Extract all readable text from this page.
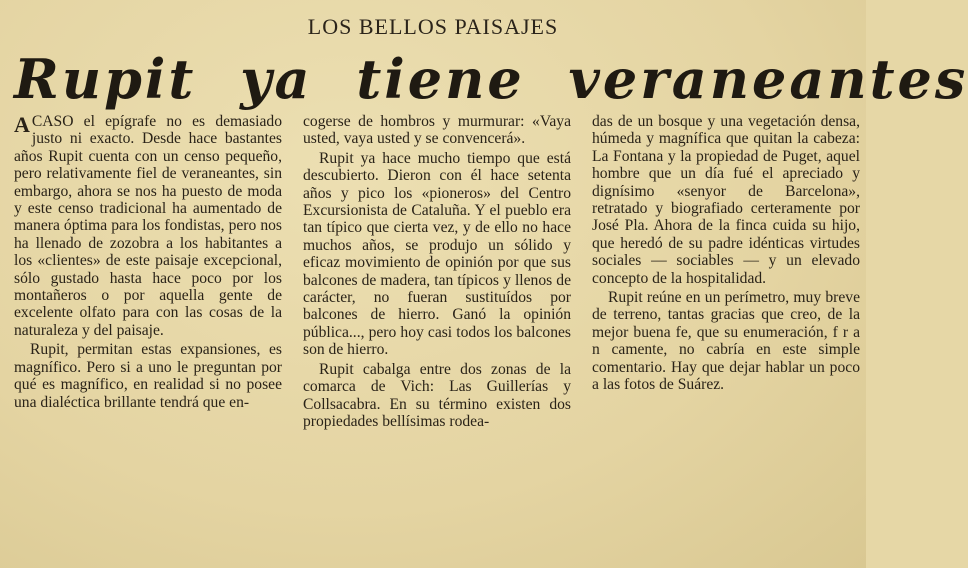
LOS BELLOS PAISAJES
Rupit ya tiene veraneantes

A CASO el epígrafe no es demasiado justo ni exacto. Desde hace bastantes años Rupit cuenta con un censo pequeño, pero relativamente fiel de veraneantes, sin embargo, ahora se nos ha puesto de moda y este censo tradicional ha aumentado de manera óptima para los fondistas, pero nos ha llenado de zozobra a los habitantes a los «clientes» de este paisaje excepcional, sólo gustado hasta hace poco por los montañeros o por aquella gente de excelente olfato para con las cosas de la naturaleza y del paisaje.

Rupit, permitan estas expansiones, es magnífico. Pero si a uno le preguntan por qué es magnífico, en realidad si no posee una dialéctica brillante tendrá que en-

cogerse de hombros y murmurar: «Vaya usted, vaya usted y se convencerá».

Rupit ya hace mucho tiempo que está descubierto. Dieron con él hace setenta años y pico los «pioneros» del Centro Excursionista de Cataluña. Y el pueblo era tan típico que cierta vez, y de ello no hace muchos años, se produjo un sólido y eficaz movimiento de opinión por que sus balcones de madera, tan típicos y llenos de carácter, no fueran sustituídos por balcones de hierro. Ganó la opinión pública..., pero hoy casi todos los balcones son de hierro.

Rupit cabalga entre dos zonas de la comarca de Vich: Las Guillerías y Collsacabra. En su término existen dos propiedades bellísimas rodea-

das de un bosque y una vegetación densa, húmeda y magnífica que quitan la cabeza: La Fontana y la propiedad de Puget, aquel hombre que un día fué el apreciado y dignísimo «senyor de Barcelona», retratado y biografiado certeramente por José Pla. Ahora de la finca cuida su hijo, que heredó de su padre idénticas virtudes sociales — sociables — y un elevado concepto de la hospitalidad.

Rupit reúne en un perímetro, muy breve de terreno, tantas gracias que creo, de la mejor buena fe, que su enumeración, f r a n camente, no cabría en este simple comentario. Hay que dejar hablar un poco a las fotos de Suárez.
